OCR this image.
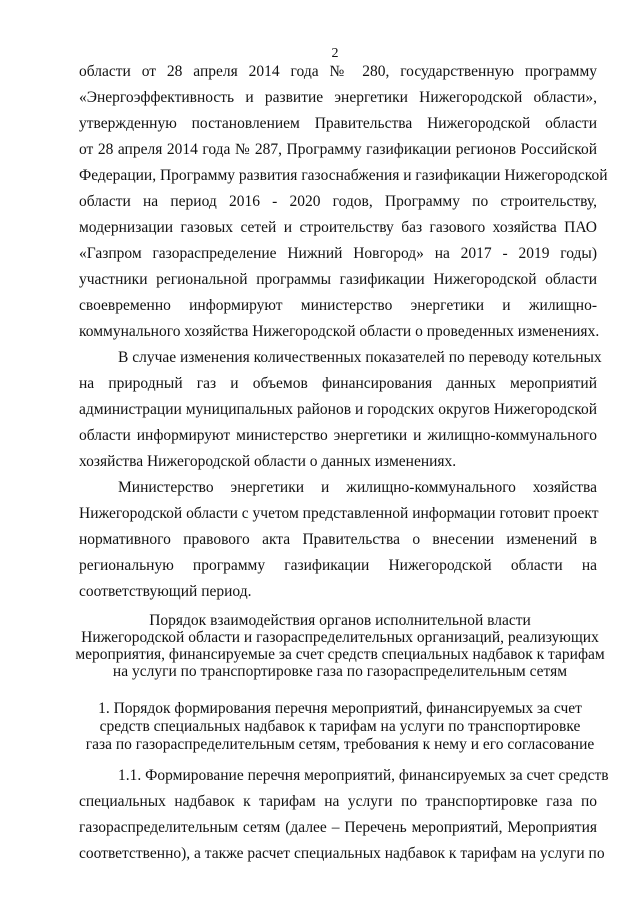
2
области от 28 апреля 2014 года № 280, государственную программу
«Энергоэффективность и развитие энергетики Нижегородской области»,
утвержденную постановлением Правительства Нижегородской области
от 28 апреля 2014 года № 287, Программу газификации регионов Российской
Федерации, Программу развития газоснабжения и газификации Нижегородской
области на период 2016 - 2020 годов, Программу по строительству,
модернизации газовых сетей и строительству баз газового хозяйства ПАО
«Газпром газораспределение Нижний Новгород» на 2017 - 2019 годы)
участники региональной программы газификации Нижегородской области
своевременно информируют министерство энергетики и жилищно-
коммунального хозяйства Нижегородской области о проведенных изменениях.
В случае изменения количественных показателей по переводу котельных
на природный газ и объемов финансирования данных мероприятий
администрации муниципальных районов и городских округов Нижегородской
области информируют министерство энергетики и жилищно-коммунального
хозяйства Нижегородской области о данных изменениях.
Министерство энергетики и жилищно-коммунального хозяйства
Нижегородской области с учетом представленной информации готовит проект
нормативного правового акта Правительства о внесении изменений в
региональную программу газификации Нижегородской области на
соответствующий период.
Порядок взаимодействия органов исполнительной власти
Нижегородской области и газораспределительных организаций, реализующих
мероприятия, финансируемые за счет средств специальных надбавок к тарифам
на услуги по транспортировке газа по газораспределительным сетям
1. Порядок формирования перечня мероприятий, финансируемых за счет
средств специальных надбавок к тарифам на услуги по транспортировке
газа по газораспределительным сетям, требования к нему и его согласование
1.1. Формирование перечня мероприятий, финансируемых за счет средств
специальных надбавок к тарифам на услуги по транспортировке газа по
газораспределительным сетям (далее – Перечень мероприятий, Мероприятия
соответственно), а также расчет специальных надбавок к тарифам на услуги по
